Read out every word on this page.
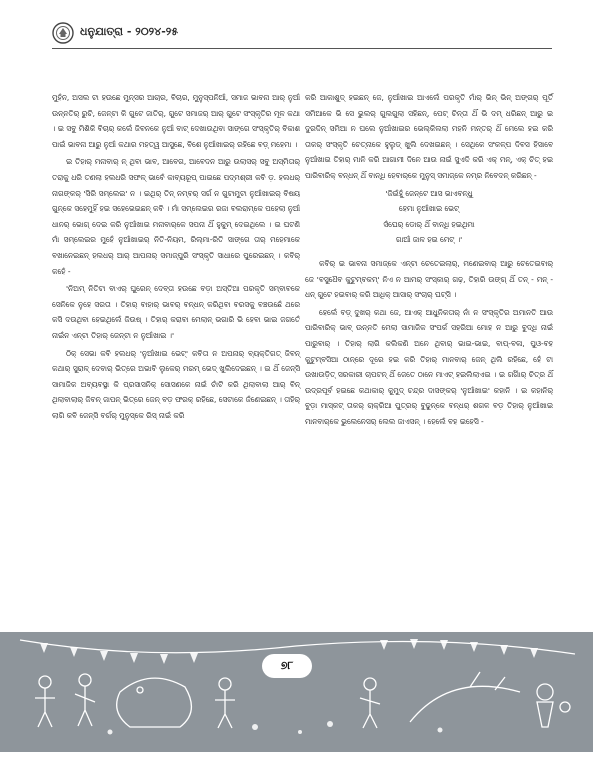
ଧନୁଯାତ୍ରା - ୨୦୨୪-୨୫

ମୁହଁନ, ଅସଲ ଟା ହଉଛେ ମୁନ୍‌ସର ଆଚାର, ବିଚାର, ମୁନୁସ୍‌ପନିଆଁ, ସମାଜ ଭାବନା ଆର୍ ନୁଆଁ ଉନ୍ନତିର୍ ରୁଚି, ଜେନ୍‌ଟା କି ଗୁଟେ ଜାତିର୍, ଗୁଟେ ସମାଜର୍ ଆର୍ ଗୁଟେ ସଂସ୍କୃତିର ମୂଳ କଥା । ଇ ସବୁ ମିଶିକି ବିଚାର୍ କଲେଁ ଜିବନକେ ନୁଆଁ ବାଟ୍ ଦେଖାଉଥିବା ସାଙ୍ଗେ ସଂସ୍କୃତିର୍ ବିକାଶ ପାଇଁ ଭାବନା ଆରୁ ନୁଆଁ କଥାର ମହତ୍ୱ ଆସୁଛେ, ବିଶେ ନୁଆଁଖାଇର୍ ରହିଛେ ବଡ଼୍ ମହେମା ।

ଇ ତିହାର୍ ମନାବାର୍ ନ୍ ଥିବା ଭାବ, ଆବେଗ, ଆବେଦନ ଆରୁ ଉଲାସର୍ ସବୁ ଅସ୍ମିତାର୍ ତରାକୁ ଧରି ତଣଲା ହଲଧରି ସଫଳ୍ ଭାବେଁ କାବ୍ୟରୂପ୍ ପାଇଛେ ପଦ୍ମଶ୍ରୀ କବି ଡ଼. ହଲଧର୍ ନାଗଙ୍କର୍ 'ସିରି ସମ୍ଲେଇ' ନ । ଇଥିର୍ ତିନ୍ ନମ୍ବର୍ ସର୍ଗ ନ ଗୁଟାମୁଟା ନୁଆଁଖାଇର୍ ବିଷୟ ଗୁନ୍‌କେ ସହେମୁହିଁ ହଇ ସହେଭେଇଛନ୍ କବି । ମାଁ ସମ୍ଲେଇର ରଜା ବଲରାମ୍‌କେ ପହେଲା ନୁଆଁ ଧାନର୍ ଭୋଗ୍ ଦେଇ କରି ନୁଆଁଖାଇ ମନାବାର୍‌କେ ସପନା ଥିଁ ହୁକୁମ୍ ଦେଇଥିଲେ । ଇ ଘଟଣି ମାଁ ସମ୍ଲେଇର ମୁହେଁ ନୁଆଁଖାଇର୍ ନିତି-ନିୟମ, ରିଲ୍ମା-ରିତି ସାଙ୍ଗେ ତାର୍ ମହେମାକେ ବଖାନେଇଛନ୍ ହଲଧର୍ ଆର୍ ଆପନାର୍ ସମାଜ୍‌ପୁରି ସଂସ୍କୃତି ସାଧାରେ ପୁରେଇଛନ୍ । କବିର୍ କହେଁ -

'ନିଅମ୍ ନିତିଟା ବାଏର୍ ଘୁରେନ୍ ଦେବ୍‌ତା ହଉଛେ ବଡ଼ା ଅସ୍ତିଆ ପରକୃତି ସମ୍ବାବକେ ସେନିକେ ନୁହେ ସରତା । ତିହାର୍ ବାହାର୍ ଭାବର୍ ବନ୍ଧନ୍ କରିଥିବା ବରସକୁ ବଞ୍ଚଉଛେଁ ଥରେ କସି ଦଉଥିବା ହେଇଥିଲେଁ ଜିଉଷ୍ । ତିହାର୍ କରାବା ମେଲାନ୍ ଭଗାରି ଭି ହେବା ଭାଇ ଜଗତେଁ ନାଇଁନ ଏନ୍‌ଟା ତିହାର୍ ଜେନ୍‌ଟା ନ ନୁଆଁଖାଇ ।'

ଠିକ୍ ସେଭା କବି ହଲଧର୍ 'ନୁଆଁଖାଇ ଭେଟ୍' କବିତା ନ ଅପନାର୍ ବ୍ୟକ୍ତିଗତ୍ ଜିବନ୍ କଥାର୍ ସୁରାଳ୍ ଦେବାର୍ ଭିତ୍ରେ ଅଭାବି ଲୁକେର୍ ମରମ୍ ଭେଦ୍ ଖୁଲିଦେଇଛନ୍ । ଇ ଥିଁ ଜେନ୍‌ସି ସାମାଜିକ ଅବ୍ୟବସ୍ଥା କି ପ୍ରସାସନିକ୍ ସୋସଣକେ ନାଇଁ ଚାଁଟି କରି ଥିଲାବାଲା ଆର୍ ବିନ୍ ଥିଲାବାଲାର୍ ଜିବନ୍ ଜାପନ୍ ଭିତ୍ରେ ଜେନ୍ ବଡ଼ ଫରକ୍ ରହିଛେ, ସେଟାକେ ଜଁଣେଇଛନ୍ । ତାହିର୍ ଲାଗି କବି ଜେନ୍‌ସି ବର୍ଗର୍ ମୁନୁସ୍‌କେ ରିସ୍ ନାଇଁ କରି

କରି ଆକାଶୁଦ୍ ହଇଛନ୍ ଜେ, ନୁଆଁଖାଇ ଆଏଲେଁ ପରକୃତି ମାଁର୍ ଭିନ୍ ଭିନ୍ ଅଙ୍ଗର୍ ପୂର୍ତି ସମିଆକେ ଭି ସେ ଭୁଲର୍ ଗୁଲଗୁଲା ସହିଛନ୍, ପେଟ୍ ଚିନ୍ତା ଥିଁ ଭି ଦମ୍ ଧରିଛନ୍ ଆରୁ ଇ ଦୁରଦିନ୍ ସମିଆ ନ ଘଲେ ନୁଆଁଖାଇର ଭେଲ୍‌କିଲଲା ମହନି ମନ୍‌ତର୍ ଥିଁ ମେଲେ ହଇ କରି ତାକର୍ ସଂସ୍କୃତି ଚେତ୍‌ନାକେ ହୁଲୁଡ୍ ଖୁଲି ଦେଖଇଛନ୍ । ସେଥିକେ ସଂକଳ୍ପ ଦିବସ ହିସାବେ ନୁଆଁଖାଇ ତିହାର୍ ମାନି କରି ଆଗାମୀ ଦିନେ ଆଉ ନାଇଁ ସୁଏଦି କରି ଏକ୍ ମନ୍, ଏକ୍ ଚିତ୍ ହଇ ପାରିବାରିକ୍ ବନ୍ଧନ୍ ଥିଁ ବାନ୍ଧି ହେବାର୍‌କେ ମୁନୁସ୍ ସମାଜ୍‌କେ ନମ୍ର ନିବେଦନ୍ କରିଛନ୍ -

'ଜିଇଁହୁଁ ଜେନ୍‌ଟେ ଆସ ଭାଏବନ୍ଧୁ

ହେମା ନୁଆଁଖାଇ ଭେଟ୍

ସଁଘେର୍ ଡୋର୍ ଥିଁ ବାନ୍ଧି ହଇଥିମା

ଗାଆଁ ଜାଳ ହଇ ମେଟ୍ ।'

କବିର୍ ଇ ଭାବନା ସମାଜ୍‌କେ ଏନ୍‌ଟା ଚେତେଇଲାର୍, ମଣେଇବାର୍ ଆରୁ ଚେତେଇବାର୍ ଜେ 'ବସୁଧୈବ କୁଟୁମ୍ବକମ୍' ନିଏ ନ ଆମର୍ ସଂସ୍କାର୍ ଗଢ଼, ତିହାରି ଉଙ୍ଗ୍ ଥିଁ ତନ୍ - ମନ୍ - ଧନ୍ ଗୁଟେ ହଇବାର୍ କରି ଆଧିକ୍ ଆସାର୍ ସଂଚାର୍ ଘଟ୍‌ସି ।

ହେଲେଁ ବଡ଼୍ ଦୁଖର୍ କଥା ଜେ, ଆଏକ୍ ଆଧୁନିକତାର୍ ନାଁ ନ ସଂସ୍କୃତିର ଅମାନତି ଆଉ ପାରିବାରିକ୍ ଭାବ୍ ଉନ୍ନତି ମେଲା ସାମାଜିକ ସଂପର୍କ ସହରିଆ ମୋହ ନ ଆରୁ ବୁଦ୍ଧି ନାଇଁ ପାରୁବାର୍ । ତିହାର୍ ଲାଗି କଲିକଣି ଅନେ ଥିବାର୍ ଭାଇ-ଭାଇ, ବାପ୍-ବଳା, ପୁଓ-ବହ କୁଟୁମ୍ବସିଆ ଠାନ୍‌ରେ ଦୂରେ ହଇ କରି ତିହାର୍ ମାନବାର୍ ଜେନ୍ ଥିଲି ରହିଛେ, ହେଁ ଟା ଉଖାଉଡ଼ିତ୍ ସରକାରୀ ଚାପଟନ୍ ଥିଁ ଜେତେ ଠାନେ ମାଏଟ୍ ହଇଲିଲାଏଇ । ଇ ଗର୍ଗାଁର୍ ଚିତ୍ର ଥିଁ ଉଦ୍ରପୂର୍ବ ହଇଛେ କଥାକାର୍ କୁମୁଦ୍ ଚନ୍ଦ୍ର ଦାସଙ୍କର୍ 'ନୁଆଁଖାଇ' କହାନି । ଇ କହାନିର୍ ବୁଡ଼ା ମାସ୍କଟ୍ ତାକର୍ ଚାକ୍ରିଆ ପୁତ୍ରର୍ ବୁଢୁନ୍‌କେ ବନ୍ଧର୍ ଶଗଳ ବଡ଼ ତିହାର୍ ନୁଆଁଖାଇ ମାନବାର୍‌କେ ଭୁଲେନେସର୍ ଲେଲ ଜାଏସନ୍ । ହେଲେଁ ବହ ଇହେସି -

୭୮
